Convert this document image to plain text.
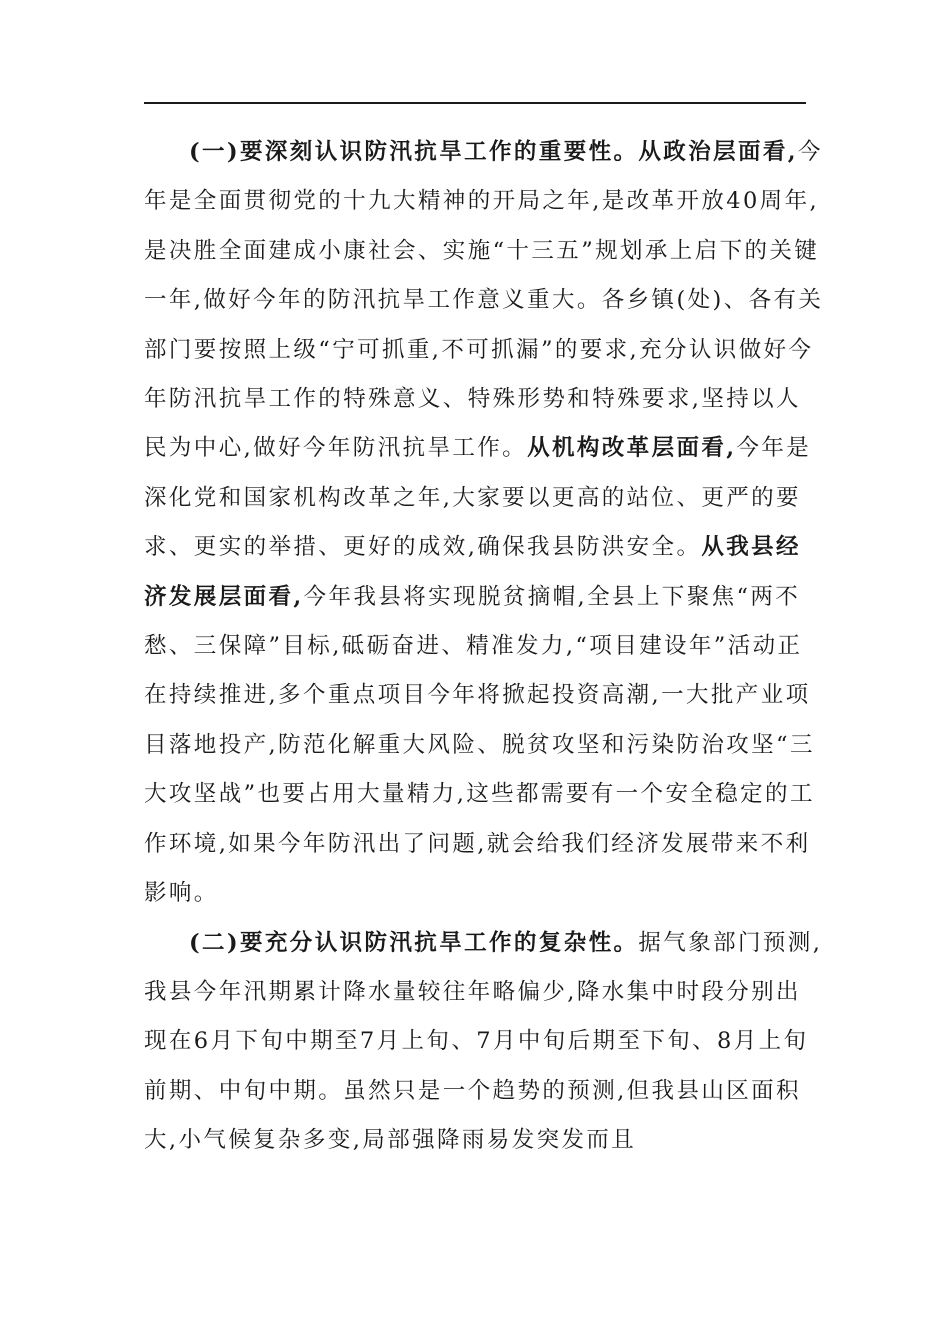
(一)要深刻认识防汛抗旱工作的重要性。从政治层面看,今年是全面贯彻党的十九大精神的开局之年,是改革开放40周年,是决胜全面建成小康社会、实施“十三五”规划承上启下的关键一年,做好今年的防汛抗旱工作意义重大。各乡镇(处)、各有关部门要按照上级“宁可抓重,不可抓漏”的要求,充分认识做好今年防汛抗旱工作的特殊意义、特殊形势和特殊要求,坚持以人民为中心,做好今年防汛抗旱工作。从机构改革层面看,今年是深化党和国家机构改革之年,大家要以更高的站位、更严的要求、更实的举措、更好的成效,确保我县防洪安全。从我县经济发展层面看,今年我县将实现脱贫摘帽,全县上下聚焦“两不愁、三保障”目标,砥砺奋进、精准发力,“项目建设年”活动正在持续推进,多个重点项目今年将掀起投资高潮,一大批产业项目落地投产,防范化解重大风险、脱贫攻坚和污染防治攻坚“三大攻坚战”也要占用大量精力,这些都需要有一个安全稳定的工作环境,如果今年防汛出了问题,就会给我们经济发展带来不利影响。

(二)要充分认识防汛抗旱工作的复杂性。据气象部门预测,我县今年汛期累计降水量较往年略偏少,降水集中时段分别出现在6月下旬中期至7月上旬、7月中旬后期至下旬、8月上旬前期、中旬中期。虽然只是一个趋势的预测,但我县山区面积大,小气候复杂多变,局部强降雨易发突发而且
